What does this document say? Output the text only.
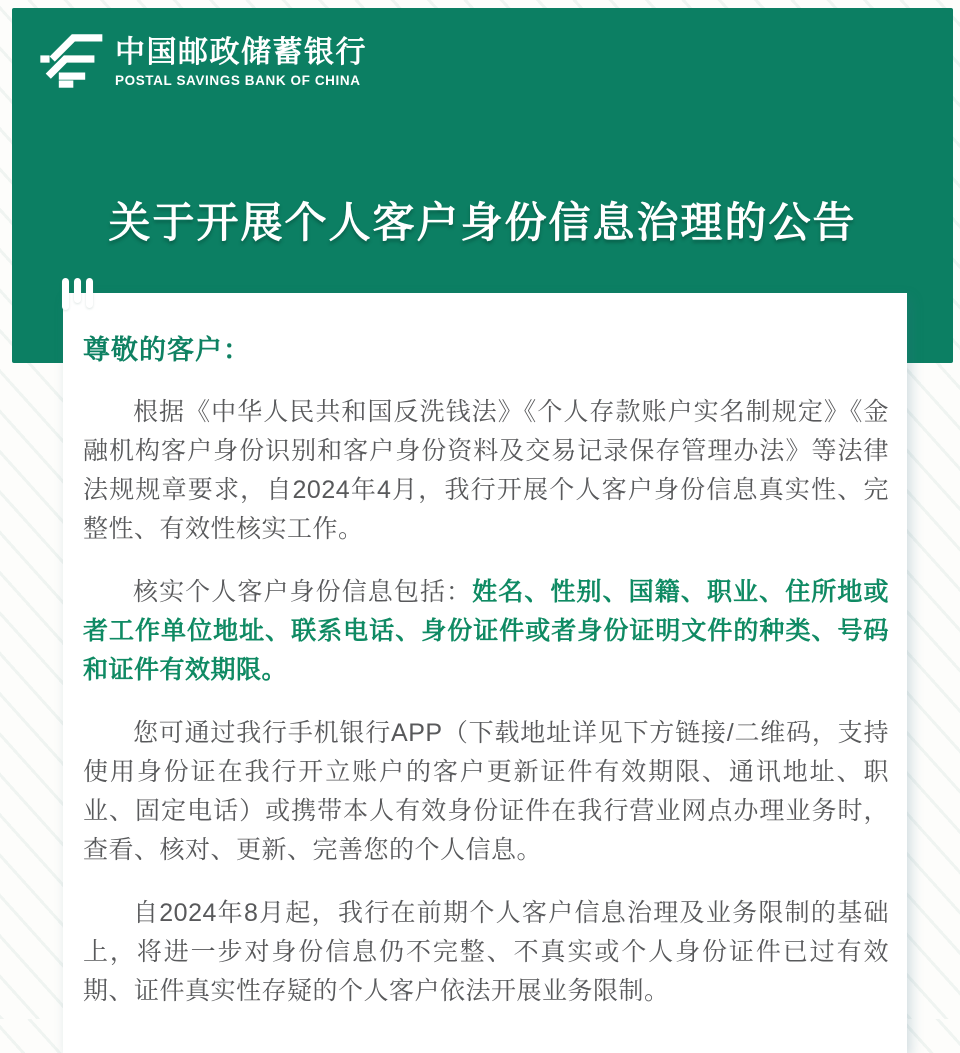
中国邮政储蓄银行
POSTAL SAVINGS BANK OF CHINA
关于开展个人客户身份信息治理的公告

尊敬的客户：

根据《中华人民共和国反洗钱法》《个人存款账户实名制规定》《金融机构客户身份识别和客户身份资料及交易记录保存管理办法》等法律法规规章要求，自2024年4月，我行开展个人客户身份信息真实性、完整性、有效性核实工作。

核实个人客户身份信息包括：姓名、性别、国籍、职业、住所地或者工作单位地址、联系电话、身份证件或者身份证明文件的种类、号码和证件有效期限。

您可通过我行手机银行APP（下载地址详见下方链接/二维码，支持使用身份证在我行开立账户的客户更新证件有效期限、通讯地址、职业、固定电话）或携带本人有效身份证件在我行营业网点办理业务时，查看、核对、更新、完善您的个人信息。

自2024年8月起，我行在前期个人客户信息治理及业务限制的基础上，将进一步对身份信息仍不完整、不真实或个人身份证件已过有效期、证件真实性存疑的个人客户依法开展业务限制。
